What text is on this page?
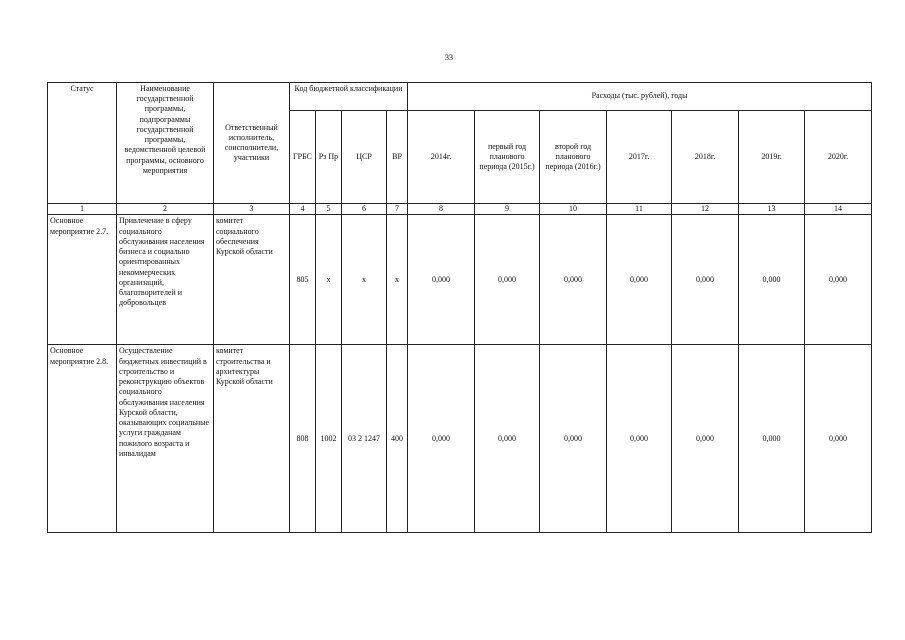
33
Статус	Наименование государственной программы, подпрограммы государственной программы, ведомственной целевой программы, основного мероприятия	Ответственный исполнитель, соисполнители, участники	Код бюджетной классификации				Расходы (тыс. рублей), годы						
			ГРБС	Рз Пр	ЦСР	ВР	2014г.	первый год планового периода (2015г.)	второй год планового периода (2016г.)	2017г.	2018г.	2019г.	2020г.
1	2	3	4	5	6	7	8	9	10	11	12	13	14
Основное мероприятие 2.7.	Привлечение в сферу социального обслуживания населения бизнеса и социально ориентированных некоммерческих организаций, благотворителей и добровольцев	комитет социального обеспечения Курской области	805	x	x	x	0,000	0,000	0,000	0,000	0,000	0,000	0,000
Основное мероприятие 2.8.	Осуществление бюджетных инвестиций в строительство и реконструкцию объектов социального обслуживания населения Курской области, оказывающих социальные услуги гражданам пожилого возраста и инвалидам	комитет строительства и архитектуры Курской области	808	1002	03 2 1247	400	0,000	0,000	0,000	0,000	0,000	0,000	0,000
